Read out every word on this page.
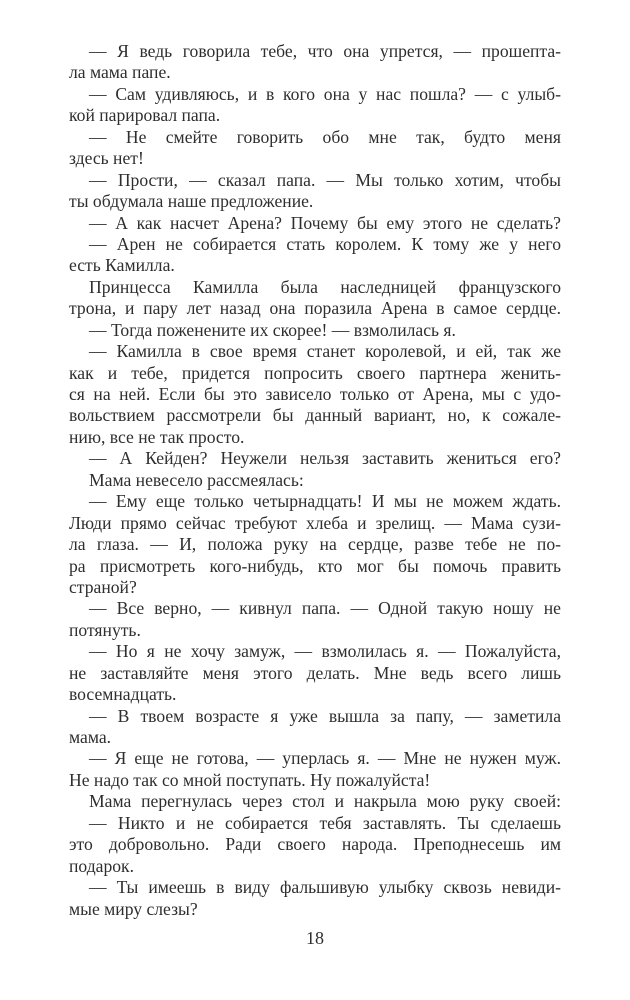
— Я ведь говорила тебе, что она упрется, — прошепта-
ла мама папе.
— Сам удивляюсь, и в кого она у нас пошла? — с улыб-
кой парировал папа.
— Не смейте говорить обо мне так, будто меня
здесь нет!
— Прости, — сказал папа. — Мы только хотим, чтобы
ты обдумала наше предложение.
— А как насчет Арена? Почему бы ему этого не сделать?
— Арен не собирается стать королем. К тому же у него
есть Камилла.
Принцесса Камилла была наследницей французского
трона, и пару лет назад она поразила Арена в самое сердце.
— Тогда поженените их скорее! — взмолилась я.
— Камилла в свое время станет королевой, и ей, так же
как и тебе, придется попросить своего партнера женить-
ся на ней. Если бы это зависело только от Арена, мы с удо-
вольствием рассмотрели бы данный вариант, но, к сожале-
нию, все не так просто.
— А Кейден? Неужели нельзя заставить жениться его?
Мама невесело рассмеялась:
— Ему еще только четырнадцать! И мы не можем ждать.
Люди прямо сейчас требуют хлеба и зрелищ. — Мама сузи-
ла глаза. — И, положа руку на сердце, разве тебе не по-
ра присмотреть кого-нибудь, кто мог бы помочь править
страной?
— Все верно, — кивнул папа. — Одной такую ношу не
потянуть.
— Но я не хочу замуж, — взмолилась я. — Пожалуйста,
не заставляйте меня этого делать. Мне ведь всего лишь
восемнадцать.
— В твоем возрасте я уже вышла за папу, — заметила
мама.
— Я еще не готова, — уперлась я. — Мне не нужен муж.
Не надо так со мной поступать. Ну пожалуйста!
Мама перегнулась через стол и накрыла мою руку своей:
— Никто и не собирается тебя заставлять. Ты сделаешь
это добровольно. Ради своего народа. Преподнесешь им
подарок.
— Ты имеешь в виду фальшивую улыбку сквозь невиди-
мые миру слезы?
18
